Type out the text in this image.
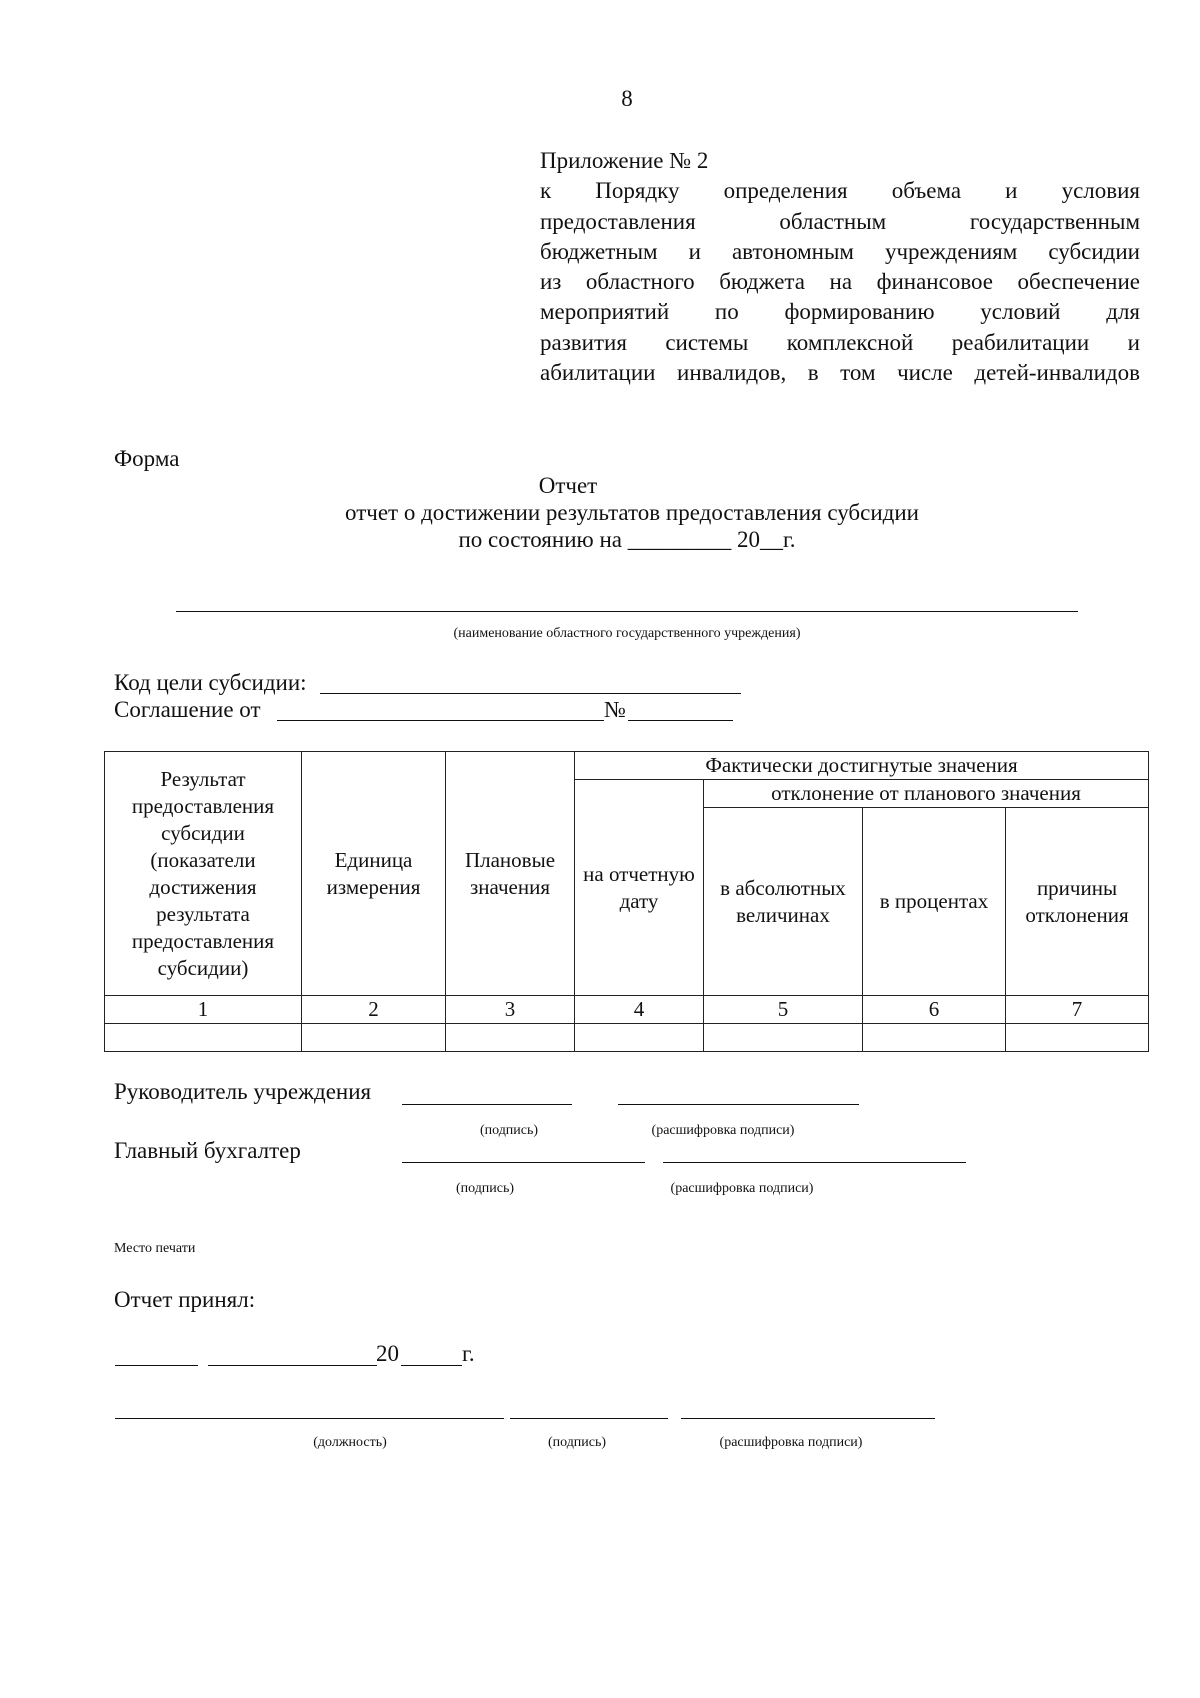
8
Приложение № 2
к Порядку определения объема и условия
предоставления областным государственным
бюджетным и автономным учреждениям субсидии
из областного бюджета на финансовое обеспечение
мероприятий по формированию условий для
развития системы комплексной реабилитации и
абилитации инвалидов, в том числе детей-инвалидов
Форма
Отчет
отчет о достижении результатов предоставления субсидии
по состоянию на _________ 20__г.
(наименование областного государственного учреждения)
Код цели субсидии:
Соглашение от	№
Результат предоставления субсидии (показатели достижения результата предоставления субсидии)	Единица измерения	Плановые значения	Фактически достигнутые значения			
			на отчетную дату	отклонение от планового значения		
				в абсолютных величинах	в процентах	причины отклонения
1	2	3	4	5	6	7

Руководитель учреждения
(подпись)	(расшифровка подписи)
Главный бухгалтер
(подпись)	(расшифровка подписи)
Место печати
Отчет принял:
20	г.
(должность)	(подпись)	(расшифровка подписи)
